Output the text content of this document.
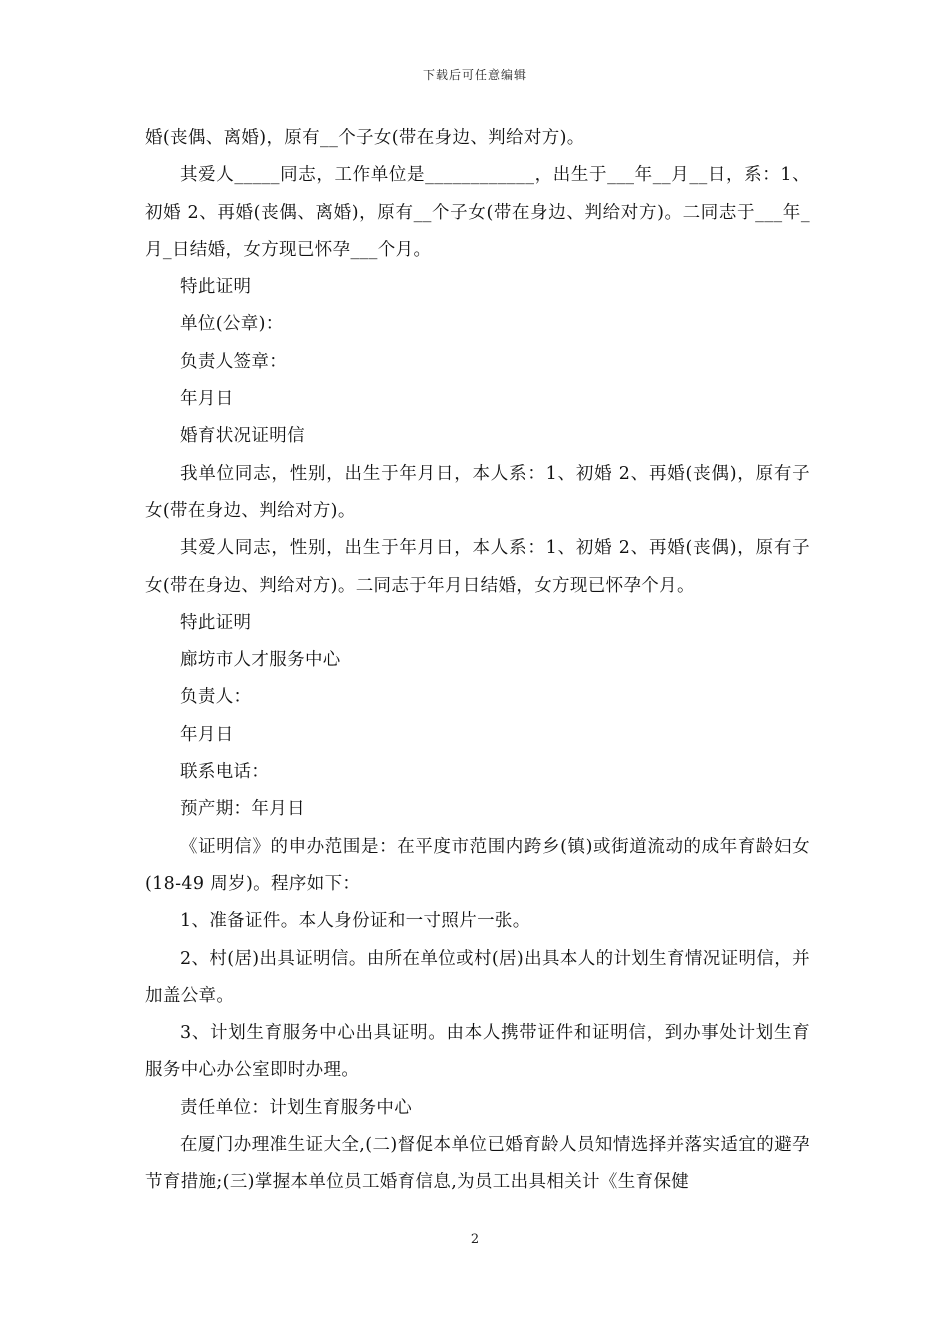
下载后可任意编辑

婚(丧偶、离婚)，原有__个子女(带在身边、判给对方)。

其爱人_____同志，工作单位是____________，出生于___年__月__日，系：1、初婚 2、再婚(丧偶、离婚)，原有__个子女(带在身边、判给对方)。二同志于___年_月_日结婚，女方现已怀孕___个月。

特此证明

单位(公章)：

负责人签章：

年月日

婚育状况证明信

我单位同志，性别，出生于年月日，本人系：1、初婚 2、再婚(丧偶)，原有子女(带在身边、判给对方)。

其爱人同志，性别，出生于年月日，本人系：1、初婚 2、再婚(丧偶)，原有子女(带在身边、判给对方)。二同志于年月日结婚，女方现已怀孕个月。

特此证明

廊坊市人才服务中心

负责人：

年月日

联系电话：

预产期：年月日

《证明信》的申办范围是：在平度市范围内跨乡(镇)或街道流动的成年育龄妇女(18-49 周岁)。程序如下：

1、准备证件。本人身份证和一寸照片一张。

2、村(居)出具证明信。由所在单位或村(居)出具本人的计划生育情况证明信，并加盖公章。

3、计划生育服务中心出具证明。由本人携带证件和证明信，到办事处计划生育服务中心办公室即时办理。

责任单位：计划生育服务中心

在厦门办理准生证大全,(二)督促本单位已婚育龄人员知情选择并落实适宜的避孕节育措施;(三)掌握本单位员工婚育信息,为员工出具相关计《生育保健

2
